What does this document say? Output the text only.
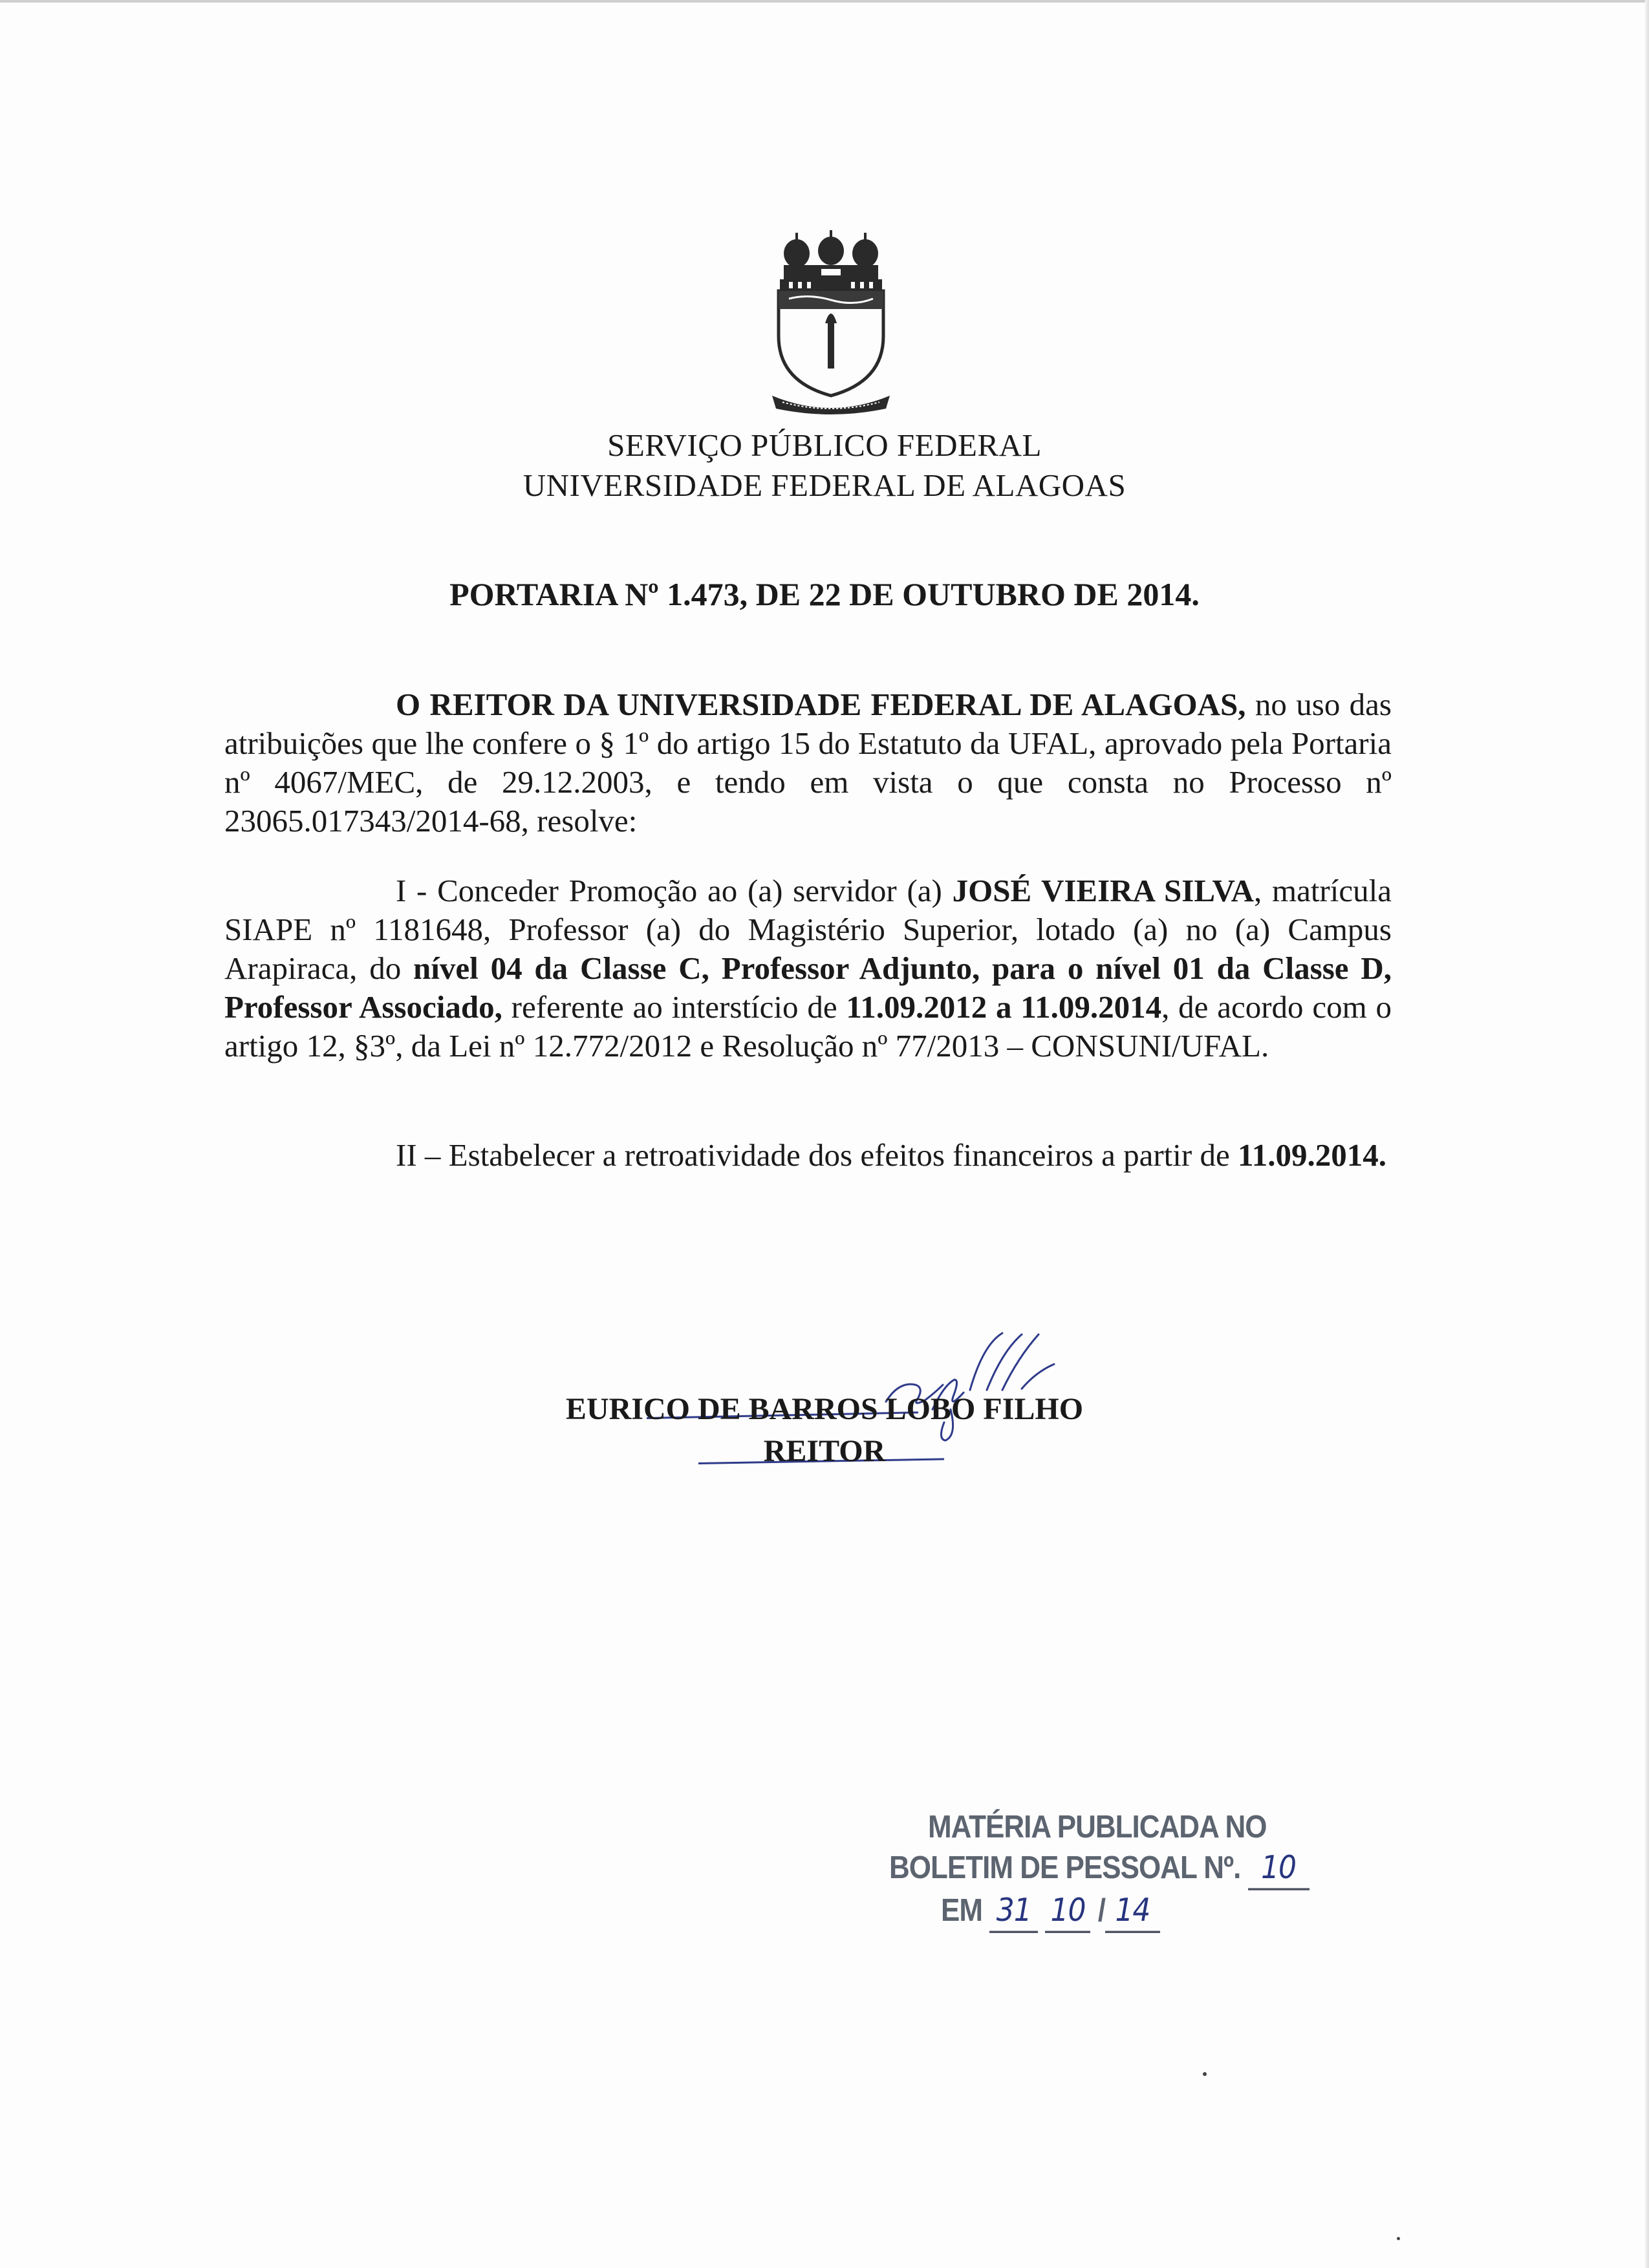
SERVIÇO PÚBLICO FEDERAL
UNIVERSIDADE FEDERAL DE ALAGOAS
PORTARIA Nº 1.473, DE 22 DE OUTUBRO DE 2014.
O REITOR DA UNIVERSIDADE FEDERAL DE ALAGOAS, no uso das atribuições que lhe confere o § 1º do artigo 15 do Estatuto da UFAL, aprovado pela Portaria nº 4067/MEC, de 29.12.2003, e tendo em vista o que consta no Processo nº 23065.017343/2014-68, resolve:
I - Conceder Promoção ao (a) servidor (a) JOSÉ VIEIRA SILVA, matrícula SIAPE nº 1181648, Professor (a) do Magistério Superior, lotado (a) no (a) Campus Arapiraca, do nível 04 da Classe C, Professor Adjunto, para o nível 01 da Classe D, Professor Associado, referente ao interstício de 11.09.2012 a 11.09.2014, de acordo com o artigo 12, §3º, da Lei nº 12.772/2012 e Resolução nº 77/2013 – CONSUNI/UFAL.
II – Estabelecer a retroatividade dos efeitos financeiros a partir de 11.09.2014.
EURICO DE BARROS LOBO FILHO
REITOR
MATÉRIA PUBLICADA NO
BOLETIM DE PESSOAL Nº. 10
EM 31 10 / 14
